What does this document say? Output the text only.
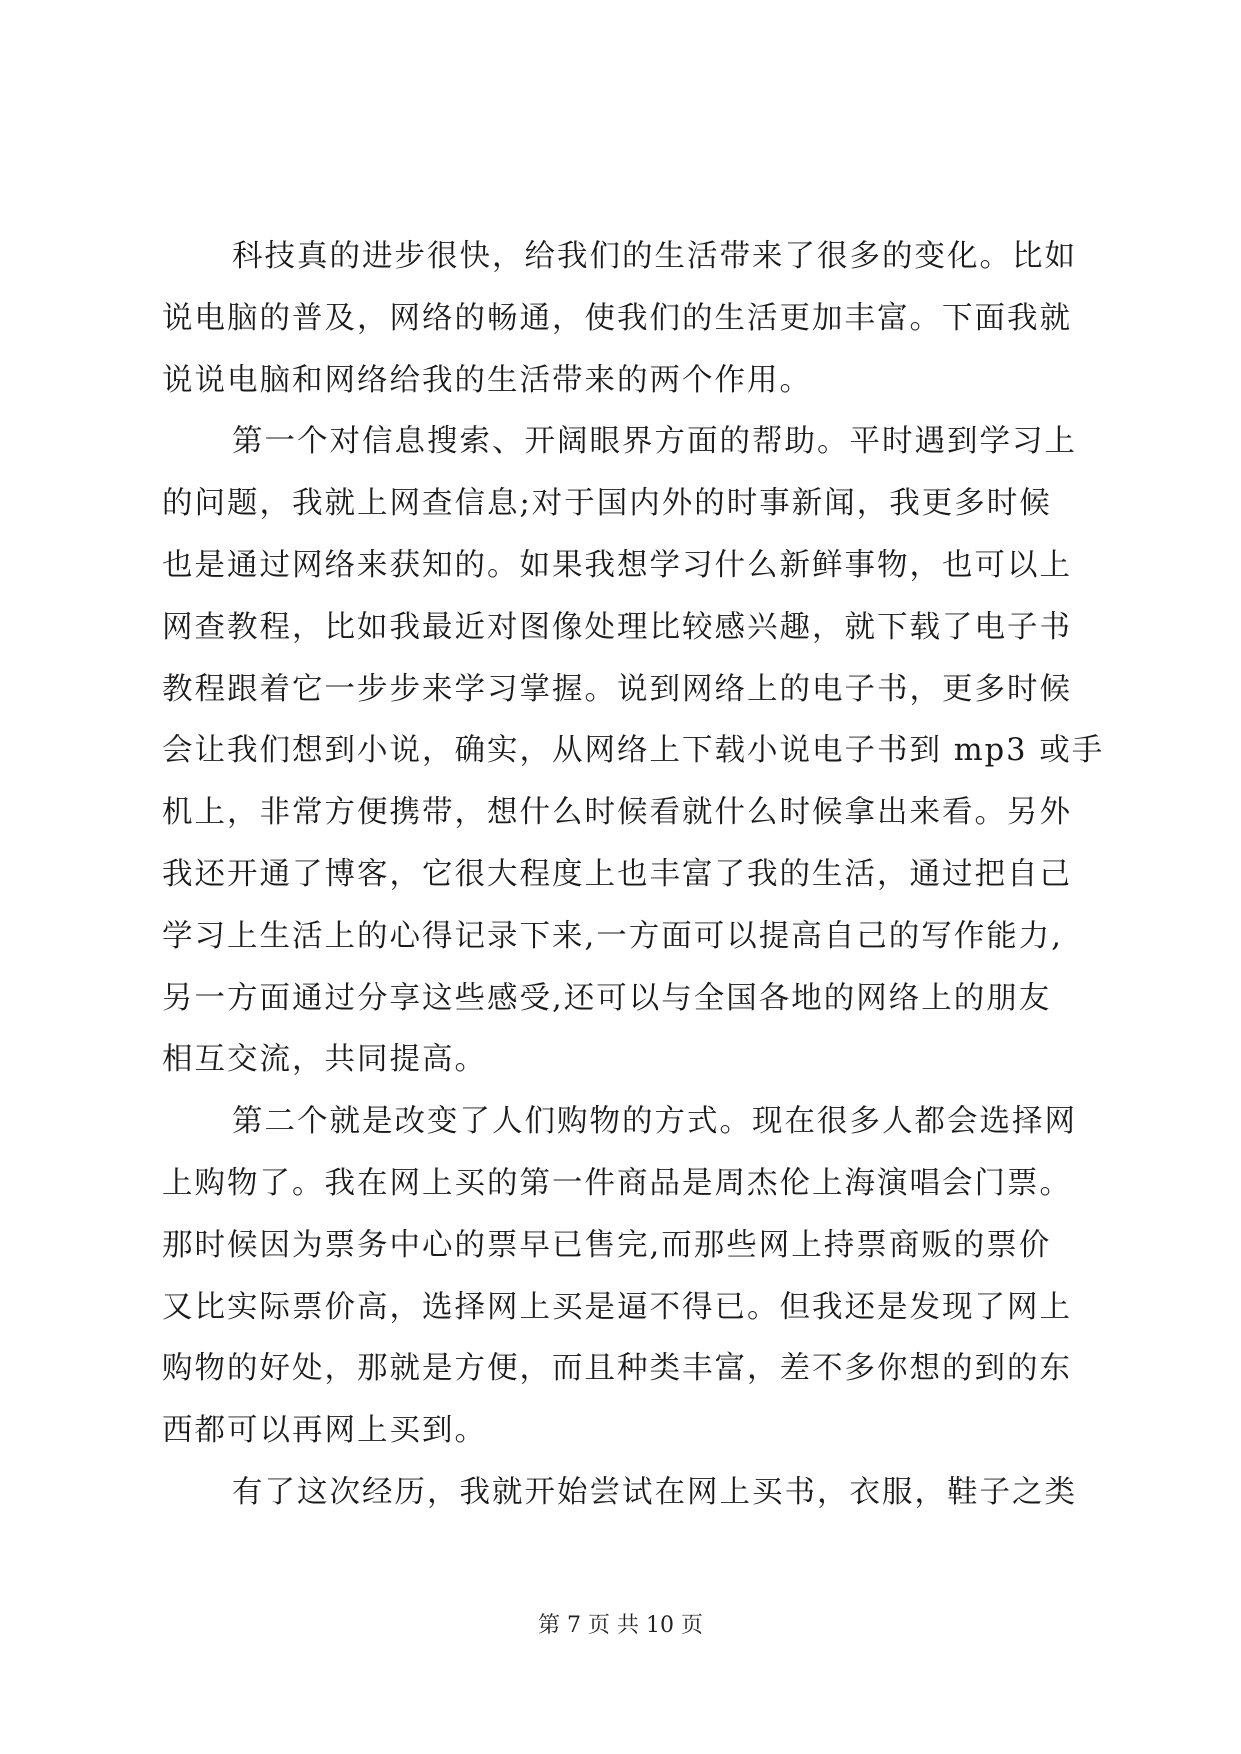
科技真的进步很快，给我们的生活带来了很多的变化。比如
说电脑的普及，网络的畅通，使我们的生活更加丰富。下面我就
说说电脑和网络给我的生活带来的两个作用。
第一个对信息搜索、开阔眼界方面的帮助。平时遇到学习上
的问题，我就上网查信息;对于国内外的时事新闻，我更多时候
也是通过网络来获知的。如果我想学习什么新鲜事物，也可以上
网查教程，比如我最近对图像处理比较感兴趣，就下载了电子书
教程跟着它一步步来学习掌握。说到网络上的电子书，更多时候
会让我们想到小说，确实，从网络上下载小说电子书到 mp3 或手
机上，非常方便携带，想什么时候看就什么时候拿出来看。另外
我还开通了博客，它很大程度上也丰富了我的生活，通过把自己
学习上生活上的心得记录下来,一方面可以提高自己的写作能力,
另一方面通过分享这些感受,还可以与全国各地的网络上的朋友
相互交流，共同提高。
第二个就是改变了人们购物的方式。现在很多人都会选择网
上购物了。我在网上买的第一件商品是周杰伦上海演唱会门票。
那时候因为票务中心的票早已售完,而那些网上持票商贩的票价
又比实际票价高，选择网上买是逼不得已。但我还是发现了网上
购物的好处，那就是方便，而且种类丰富，差不多你想的到的东
西都可以再网上买到。
有了这次经历，我就开始尝试在网上买书，衣服，鞋子之类
第 7 页 共 10 页
